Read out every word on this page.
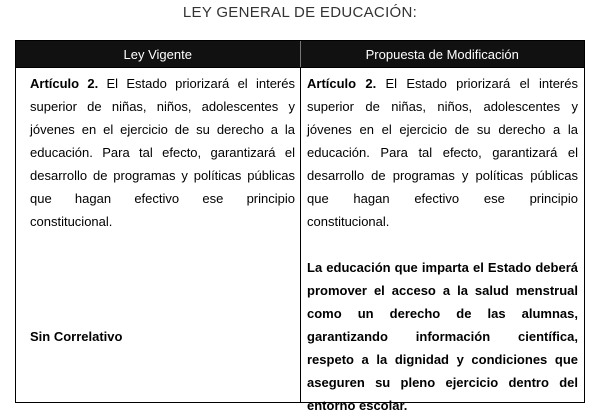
LEY GENERAL DE EDUCACIÓN:
Ley Vigente	Propuesta de Modificación

Artículo 2. El Estado priorizará el interés superior de niñas, niños, adolescentes y jóvenes en el ejercicio de su derecho a la educación. Para tal efecto, garantizará el desarrollo de programas y políticas públicas que hagan efectivo ese principio constitucional.

Sin Correlativo

Artículo 2. El Estado priorizará el interés superior de niñas, niños, adolescentes y jóvenes en el ejercicio de su derecho a la educación. Para tal efecto, garantizará el desarrollo de programas y políticas públicas que hagan efectivo ese principio constitucional.

La educación que imparta el Estado deberá promover el acceso a la salud menstrual como un derecho de las alumnas, garantizando información científica, respeto a la dignidad y condiciones que aseguren su pleno ejercicio dentro del entorno escolar.
